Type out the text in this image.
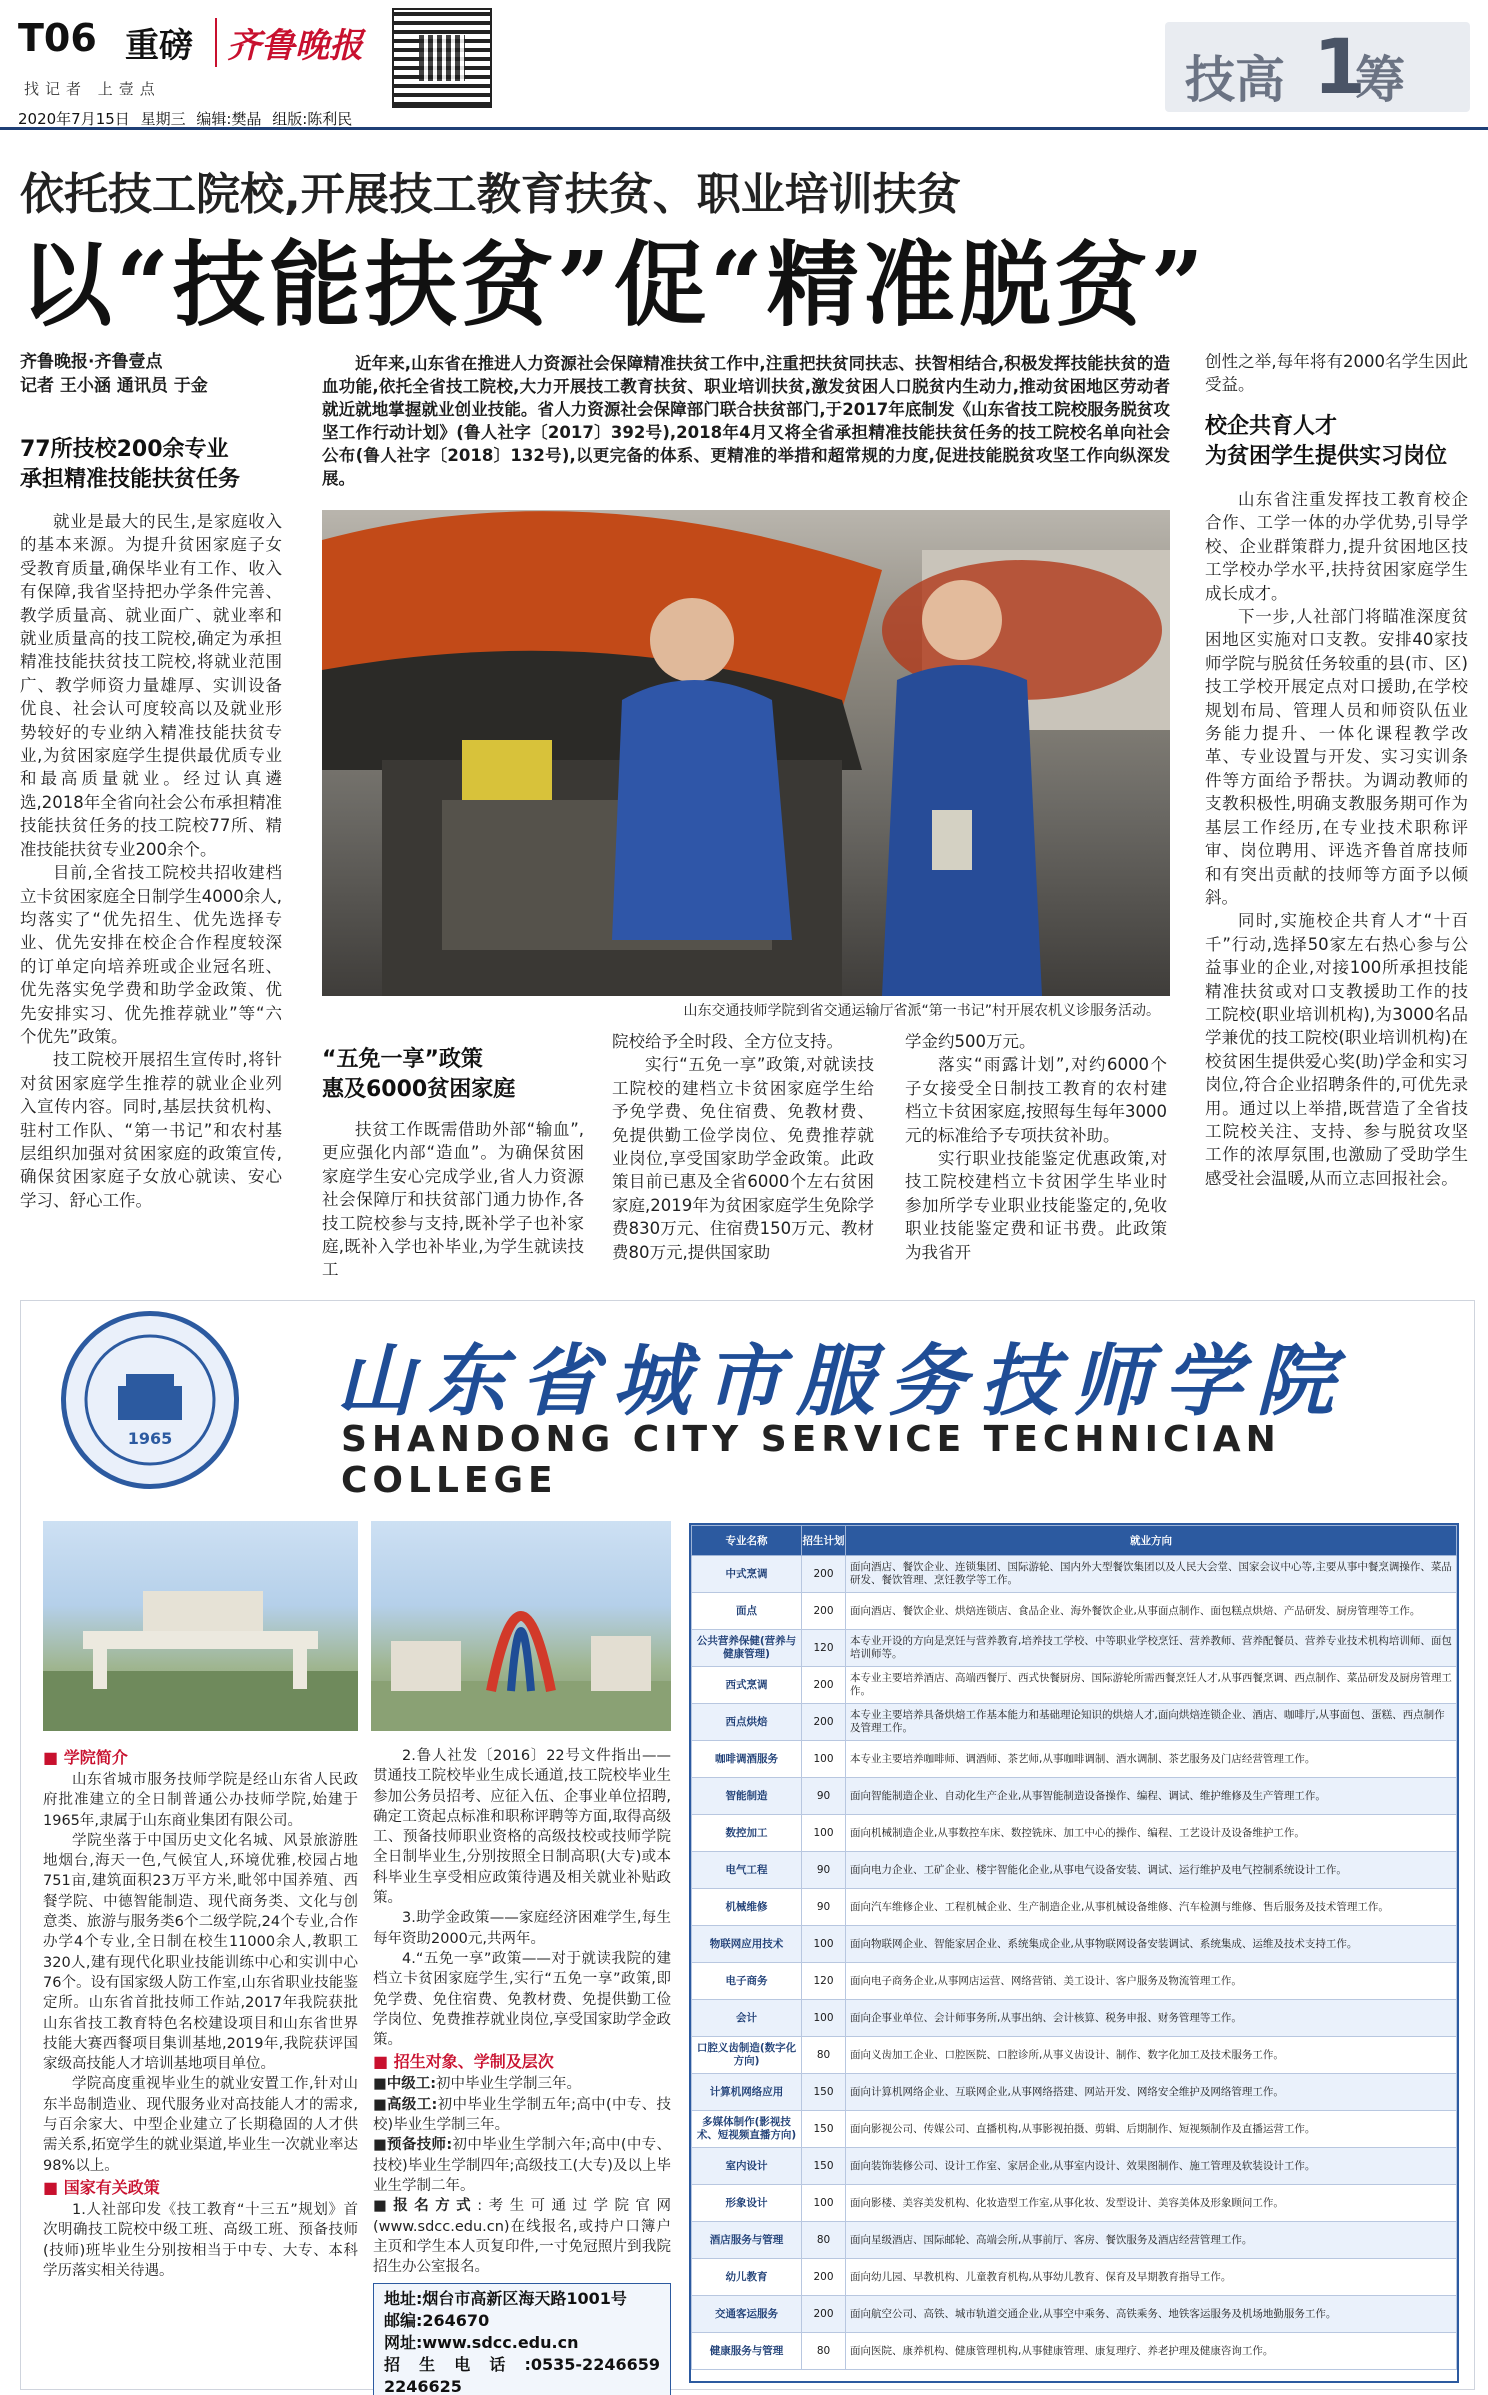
T06 重磅	齐鲁晚报
找记者 上壹点
2020年7月15日 星期三 编辑:樊晶 组版:陈利民
技高 1
筹
依托技工院校,开展技工教育扶贫、职业培训扶贫
以“技能扶贫”促“精准脱贫”
齐鲁晚报·齐鲁壹点
记者 王小涵 通讯员 于金
77所技校200余专业
承担精准技能扶贫任务

就业是最大的民生,是家庭收入的基本来源。为提升贫困家庭子女受教育质量,确保毕业有工作、收入有保障,我省坚持把办学条件完善、教学质量高、就业面广、就业率和就业质量高的技工院校,确定为承担精准技能扶贫技工院校,将就业范围广、教学师资力量雄厚、实训设备优良、社会认可度较高以及就业形势较好的专业纳入精准技能扶贫专业,为贫困家庭学生提供最优质专业和最高质量就业。经过认真遴选,2018年全省向社会公布承担精准技能扶贫任务的技工院校77所、精准技能扶贫专业200余个。

目前,全省技工院校共招收建档立卡贫困家庭全日制学生4000余人,均落实了“优先招生、优先选择专业、优先安排在校企合作程度较深的订单定向培养班或企业冠名班、优先落实免学费和助学金政策、优先安排实习、优先推荐就业”等“六个优先”政策。

技工院校开展招生宣传时,将针对贫困家庭学生推荐的就业企业列入宣传内容。同时,基层扶贫机构、驻村工作队、“第一书记”和农村基层组织加强对贫困家庭的政策宣传,确保贫困家庭子女放心就读、安心学习、舒心工作。

近年来,山东省在推进人力资源社会保障精准扶贫工作中,注重把扶贫同扶志、扶智相结合,积极发挥技能扶贫的造血功能,依托全省技工院校,大力开展技工教育扶贫、职业培训扶贫,激发贫困人口脱贫内生动力,推动贫困地区劳动者就近就地掌握就业创业技能。省人力资源社会保障部门联合扶贫部门,于2017年底制发《山东省技工院校服务脱贫攻坚工作行动计划》(鲁人社字〔2017〕392号),2018年4月又将全省承担精准技能扶贫任务的技工院校名单向社会公布(鲁人社字〔2018〕132号),以更完备的体系、更精准的举措和超常规的力度,促进技能脱贫攻坚工作向纵深发展。

山东交通技师学院到省交通运输厅省派“第一书记”村开展农机义诊服务活动。
“五免一享”政策
惠及6000贫困家庭

扶贫工作既需借助外部“输血”,更应强化内部“造血”。为确保贫困家庭学生安心完成学业,省人力资源社会保障厅和扶贫部门通力协作,各技工院校参与支持,既补学子也补家庭,既补入学也补毕业,为学生就读技工

院校给予全时段、全方位支持。

实行“五免一享”政策,对就读技工院校的建档立卡贫困家庭学生给予免学费、免住宿费、免教材费、免提供勤工俭学岗位、免费推荐就业岗位,享受国家助学金政策。此政策目前已惠及全省6000个左右贫困家庭,2019年为贫困家庭学生免除学费830万元、住宿费150万元、教材费80万元,提供国家助

学金约500万元。

落实“雨露计划”,对约6000个子女接受全日制技工教育的农村建档立卡贫困家庭,按照每生每年3000元的标准给予专项扶贫补助。

实行职业技能鉴定优惠政策,对技工院校建档立卡贫困学生毕业时参加所学专业职业技能鉴定的,免收职业技能鉴定费和证书费。此政策为我省开

创性之举,每年将有2000名学生因此受益。

校企共育人才
为贫困学生提供实习岗位

山东省注重发挥技工教育校企合作、工学一体的办学优势,引导学校、企业群策群力,提升贫困地区技工学校办学水平,扶持贫困家庭学生成长成才。

下一步,人社部门将瞄准深度贫困地区实施对口支教。安排40家技师学院与脱贫任务较重的县(市、区)技工学校开展定点对口援助,在学校规划布局、管理人员和师资队伍业务能力提升、一体化课程教学改革、专业设置与开发、实习实训条件等方面给予帮扶。为调动教师的支教积极性,明确支教服务期可作为基层工作经历,在专业技术职称评审、岗位聘用、评选齐鲁首席技师和有突出贡献的技师等方面予以倾斜。

同时,实施校企共育人才“十百千”行动,选择50家左右热心参与公益事业的企业,对接100所承担技能精准扶贫或对口支教援助工作的技工院校(职业培训机构),为3000名品学兼优的技工院校(职业培训机构)在校贫困生提供爱心奖(助)学金和实习岗位,符合企业招聘条件的,可优先录用。通过以上举措,既营造了全省技工院校关注、支持、参与脱贫攻坚工作的浓厚氛围,也激励了受助学生感受社会温暖,从而立志回报社会。

1965
山东省城市服务技师学院
SHANDONG CITY SERVICE TECHNICIAN COLLEGE

■ 学院简介

山东省城市服务技师学院是经山东省人民政府批准建立的全日制普通公办技师学院,始建于1965年,隶属于山东商业集团有限公司。

学院坐落于中国历史文化名城、风景旅游胜地烟台,海天一色,气候宜人,环境优雅,校园占地751亩,建筑面积23万平方米,毗邻中国养殖、西餐学院、中德智能制造、现代商务类、文化与创意类、旅游与服务类6个二级学院,24个专业,合作办学4个专业,全日制在校生11000余人,教职工320人,建有现代化职业技能训练中心和实训中心76个。设有国家级人防工作室,山东省职业技能鉴定所。山东省首批技师工作站,2017年我院获批山东省技工教育特色名校建设项目和山东省世界技能大赛西餐项目集训基地,2019年,我院获评国家级高技能人才培训基地项目单位。

学院高度重视毕业生的就业安置工作,针对山东半岛制造业、现代服务业对高技能人才的需求,与百余家大、中型企业建立了长期稳固的人才供需关系,拓宽学生的就业渠道,毕业生一次就业率达98%以上。

■ 国家有关政策

1.人社部印发《技工教育“十三五”规划》首次明确技工院校中级工班、高级工班、预备技师(技师)班毕业生分别按相当于中专、大专、本科学历落实相关待遇。

2.鲁人社发〔2016〕22号文件指出——贯通技工院校毕业生成长通道,技工院校毕业生参加公务员招考、应征入伍、企事业单位招聘,确定工资起点标准和职称评聘等方面,取得高级工、预备技师职业资格的高级技校或技师学院全日制毕业生,分别按照全日制高职(大专)或本科毕业生享受相应政策待遇及相关就业补贴政策。

3.助学金政策——家庭经济困难学生,每生每年资助2000元,共两年。

4.“五免一享”政策——对于就读我院的建档立卡贫困家庭学生,实行“五免一享”政策,即免学费、免住宿费、免教材费、免提供勤工俭学岗位、免费推荐就业岗位,享受国家助学金政策。

■ 招生对象、学制及层次

■中级工:初中毕业生学制三年。

■高级工:初中毕业生学制五年;高中(中专、技校)毕业生学制三年。

■预备技师:初中毕业生学制六年;高中(中专、技校)毕业生学制四年;高级技工(大专)及以上毕业生学制二年。

■报名方式:考生可通过学院官网(www.sdcc.edu.cn)在线报名,或持户口簿户主页和学生本人页复印件,一寸免冠照片到我院招生办公室报名。

地址:烟台市高新区海天路1001号
邮编:264670
网址:www.sdcc.edu.cn
招生电话:0535-2246659 2246625
专业名称	招生计划	就业方向
中式烹调	200	面向酒店、餐饮企业、连锁集团、国际游轮、国内外大型餐饮集团以及人民大会堂、国家会议中心等,主要从事中餐烹调操作、菜品研发、餐饮管理、烹饪教学等工作。
面点	200	面向酒店、餐饮企业、烘焙连锁店、食品企业、海外餐饮企业,从事面点制作、面包糕点烘焙、产品研发、厨房管理等工作。
公共营养保健(营养与健康管理)	120	本专业开设的方向是烹饪与营养教育,培养技工学校、中等职业学校烹饪、营养教师、营养配餐员、营养专业技术机构培训师、面包培训师等。
西式烹调	200	本专业主要培养酒店、高端西餐厅、西式快餐厨房、国际游轮所需西餐烹饪人才,从事西餐烹调、西点制作、菜品研发及厨房管理工作。
西点烘焙	200	本专业主要培养具备烘焙工作基本能力和基础理论知识的烘焙人才,面向烘焙连锁企业、酒店、咖啡厅,从事面包、蛋糕、西点制作及管理工作。
咖啡调酒服务	100	本专业主要培养咖啡师、调酒师、茶艺师,从事咖啡调制、酒水调制、茶艺服务及门店经营管理工作。
智能制造	90	面向智能制造企业、自动化生产企业,从事智能制造设备操作、编程、调试、维护维修及生产管理工作。
数控加工	100	面向机械制造企业,从事数控车床、数控铣床、加工中心的操作、编程、工艺设计及设备维护工作。
电气工程	90	面向电力企业、工矿企业、楼宇智能化企业,从事电气设备安装、调试、运行维护及电气控制系统设计工作。
机械维修	90	面向汽车维修企业、工程机械企业、生产制造企业,从事机械设备维修、汽车检测与维修、售后服务及技术管理工作。
物联网应用技术	100	面向物联网企业、智能家居企业、系统集成企业,从事物联网设备安装调试、系统集成、运维及技术支持工作。
电子商务	120	面向电子商务企业,从事网店运营、网络营销、美工设计、客户服务及物流管理工作。
会计	100	面向企事业单位、会计师事务所,从事出纳、会计核算、税务申报、财务管理等工作。
口腔义齿制造(数字化方向)	80	面向义齿加工企业、口腔医院、口腔诊所,从事义齿设计、制作、数字化加工及技术服务工作。
计算机网络应用	150	面向计算机网络企业、互联网企业,从事网络搭建、网站开发、网络安全维护及网络管理工作。
多媒体制作(影视技术、短视频直播方向)	150	面向影视公司、传媒公司、直播机构,从事影视拍摄、剪辑、后期制作、短视频制作及直播运营工作。
室内设计	150	面向装饰装修公司、设计工作室、家居企业,从事室内设计、效果图制作、施工管理及软装设计工作。
形象设计	100	面向影楼、美容美发机构、化妆造型工作室,从事化妆、发型设计、美容美体及形象顾问工作。
酒店服务与管理	80	面向星级酒店、国际邮轮、高端会所,从事前厅、客房、餐饮服务及酒店经营管理工作。
幼儿教育	200	面向幼儿园、早教机构、儿童教育机构,从事幼儿教育、保育及早期教育指导工作。
交通客运服务	200	面向航空公司、高铁、城市轨道交通企业,从事空中乘务、高铁乘务、地铁客运服务及机场地勤服务工作。
健康服务与管理	80	面向医院、康养机构、健康管理机构,从事健康管理、康复理疗、养老护理及健康咨询工作。
